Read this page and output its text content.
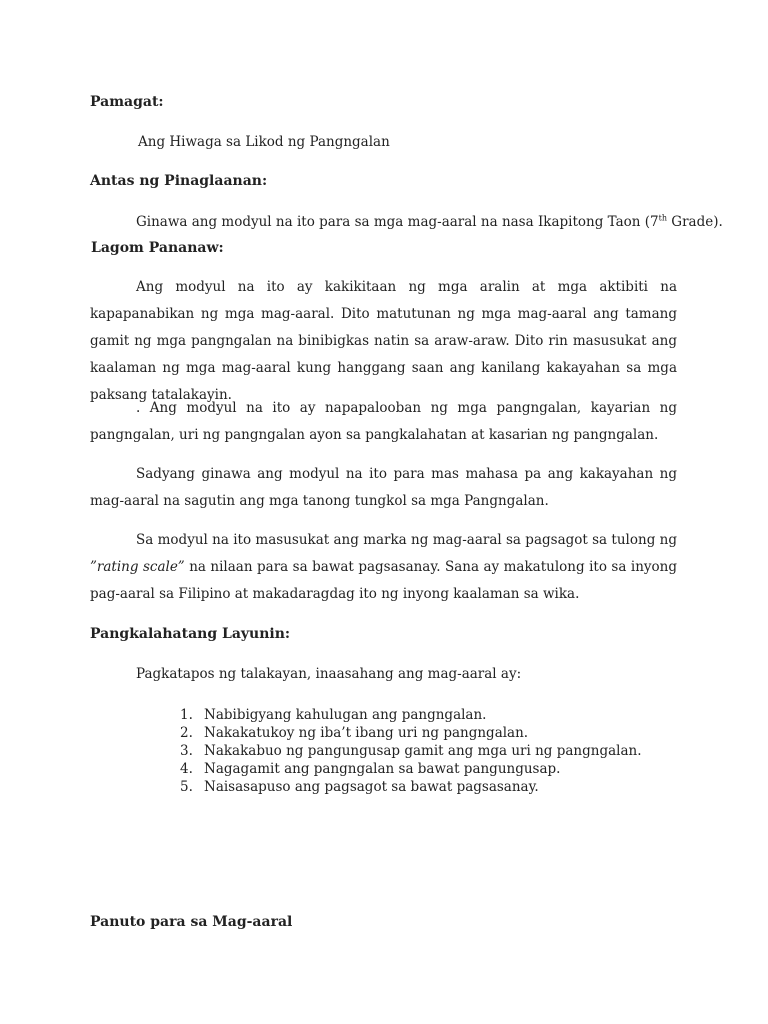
Pamagat:
Ang Hiwaga sa Likod ng Pangngalan
Antas ng Pinaglaanan:
Ginawa ang modyul na ito para sa mga mag-aaral na nasa Ikapitong Taon (7th Grade).
Lagom Pananaw:
Ang modyul na ito ay kakikitaan ng mga aralin at mga aktibiti na kapapanabikan ng mga mag-aaral. Dito matutunan ng mga mag-aaral ang tamang gamit ng mga pangngalan na binibigkas natin sa araw-araw. Dito rin masusukat ang kaalaman ng mga mag-aaral kung hanggang saan ang kanilang kakayahan sa mga paksang tatalakayin.
. Ang modyul na ito ay napapalooban ng mga pangngalan, kayarian ng pangngalan, uri ng pangngalan ayon sa pangkalahatan at kasarian ng pangngalan.
Sadyang ginawa ang modyul na ito para mas mahasa pa ang kakayahan ng mag-aaral na sagutin ang mga tanong tungkol sa mga Pangngalan.
Sa modyul na ito masusukat ang marka ng mag-aaral sa pagsagot sa tulong ng ”rating scale” na nilaan para sa bawat pagsasanay. Sana ay makatulong ito sa inyong pag-aaral sa Filipino at makadaragdag ito ng inyong kaalaman sa wika.
Pangkalahatang Layunin:
Pagkatapos ng talakayan, inaasahang ang mag-aaral ay:
1. Nabibigyang kahulugan ang pangngalan.
2. Nakakatukoy ng iba’t ibang uri ng pangngalan.
3. Nakakabuo ng pangungusap gamit ang mga uri ng pangngalan.
4. Nagagamit ang pangngalan sa bawat pangungusap.
5. Naisasapuso ang pagsagot sa bawat pagsasanay.
Panuto para sa Mag-aaral
